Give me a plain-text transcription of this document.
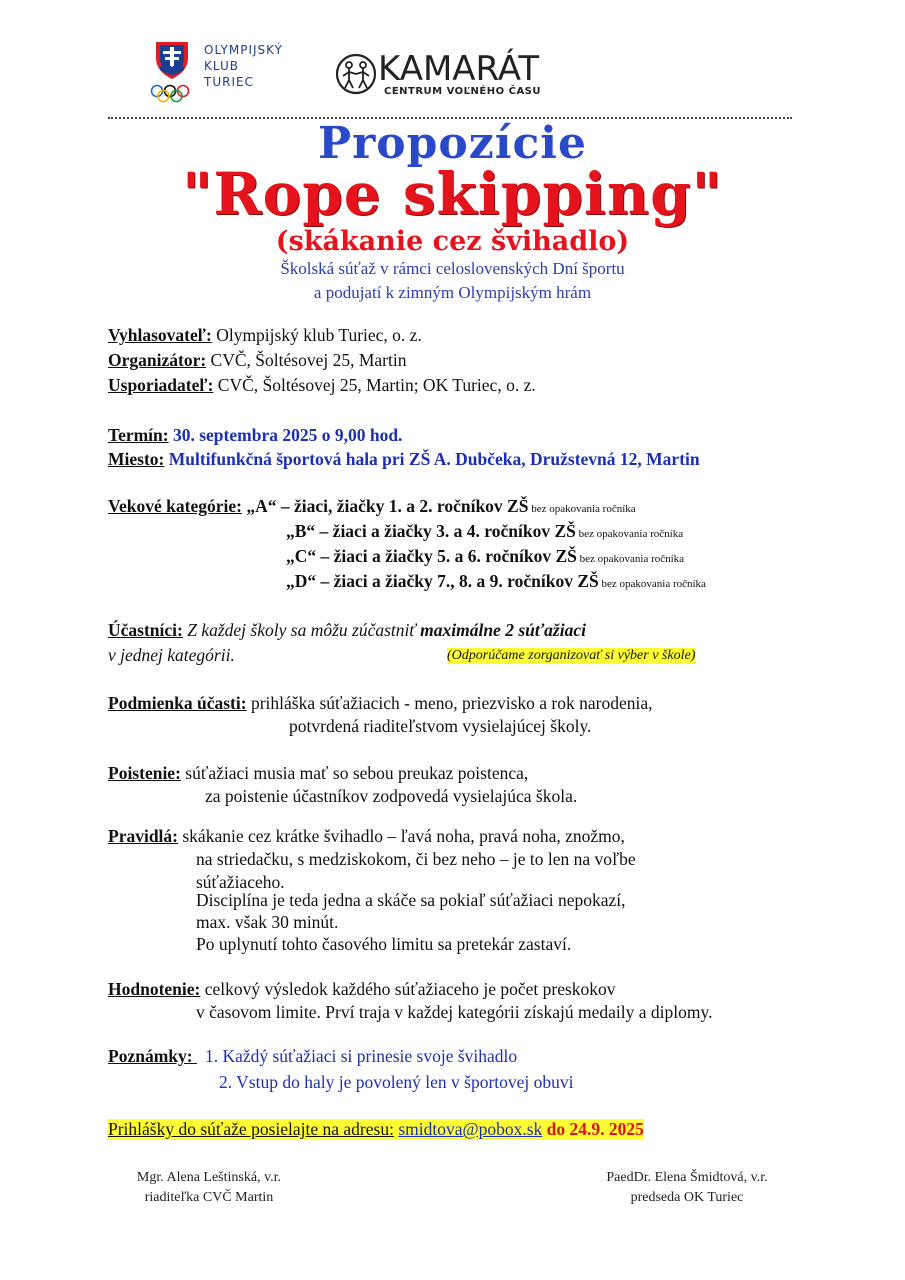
OLYMPIJSKÝ
KLUB
TURIEC	KAMARÁT
CENTRUM VOĽNÉHO ČASU
Propozície
"Rope skipping"
(skákanie cez švihadlo)
Školská súťaž v rámci celoslovenských Dní športu
a podujatí k zimným Olympijským hrám
Vyhlasovateľ: Olympijský klub Turiec, o. z.
Organizátor: CVČ, Šoltésovej 25, Martin
Usporiadateľ: CVČ, Šoltésovej 25, Martin; OK Turiec, o. z.
Termín: 30. septembra 2025 o 9,00 hod.
Miesto: Multifunkčná športová hala pri ZŠ A. Dubčeka, Družstevná 12, Martin
Vekové kategórie: „A“ – žiaci, žiačky 1. a 2. ročníkov ZŠ bez opakovania ročníka
„B“ – žiaci a žiačky 3. a 4. ročníkov ZŠ bez opakovania ročníka
„C“ – žiaci a žiačky 5. a 6. ročníkov ZŠ bez opakovania ročníka
„D“ – žiaci a žiačky 7., 8. a 9. ročníkov ZŠ bez opakovania ročníka
Účastníci: Z každej školy sa môžu zúčastniť maximálne 2 súťažiaci
v jednej kategórii.	(Odporúčame zorganizovať si výber v škole)
Podmienka účasti: prihláška súťažiacich - meno, priezvisko a rok narodenia,
potvrdená riaditeľstvom vysielajúcej školy.
Poistenie: súťažiaci musia mať so sebou preukaz poistenca,
za poistenie účastníkov zodpovedá vysielajúca škola.
Pravidlá: skákanie cez krátke švihadlo – ľavá noha, pravá noha, znožmo,
na striedačku, s medziskokom, či bez neho – je to len na voľbe
súťažiaceho.
Disciplína je teda jedna a skáče sa pokiaľ súťažiaci nepokazí,
max. však 30 minút.
Po uplynutí tohto časového limitu sa pretekár zastaví.
Hodnotenie: celkový výsledok každého súťažiaceho je počet preskokov
v časovom limite. Prví traja v každej kategórii získajú medaily a diplomy.
Poznámky: 1. Každý súťažiaci si prinesie svoje švihadlo
2. Vstup do haly je povolený len v športovej obuvi
Prihlášky do súťaže posielajte na adresu: smidtova@pobox.sk do 24.9. 2025
Mgr. Alena Leštinská, v.r.
riaditeľka CVČ Martin
PaedDr. Elena Šmidtová, v.r.
predseda OK Turiec
